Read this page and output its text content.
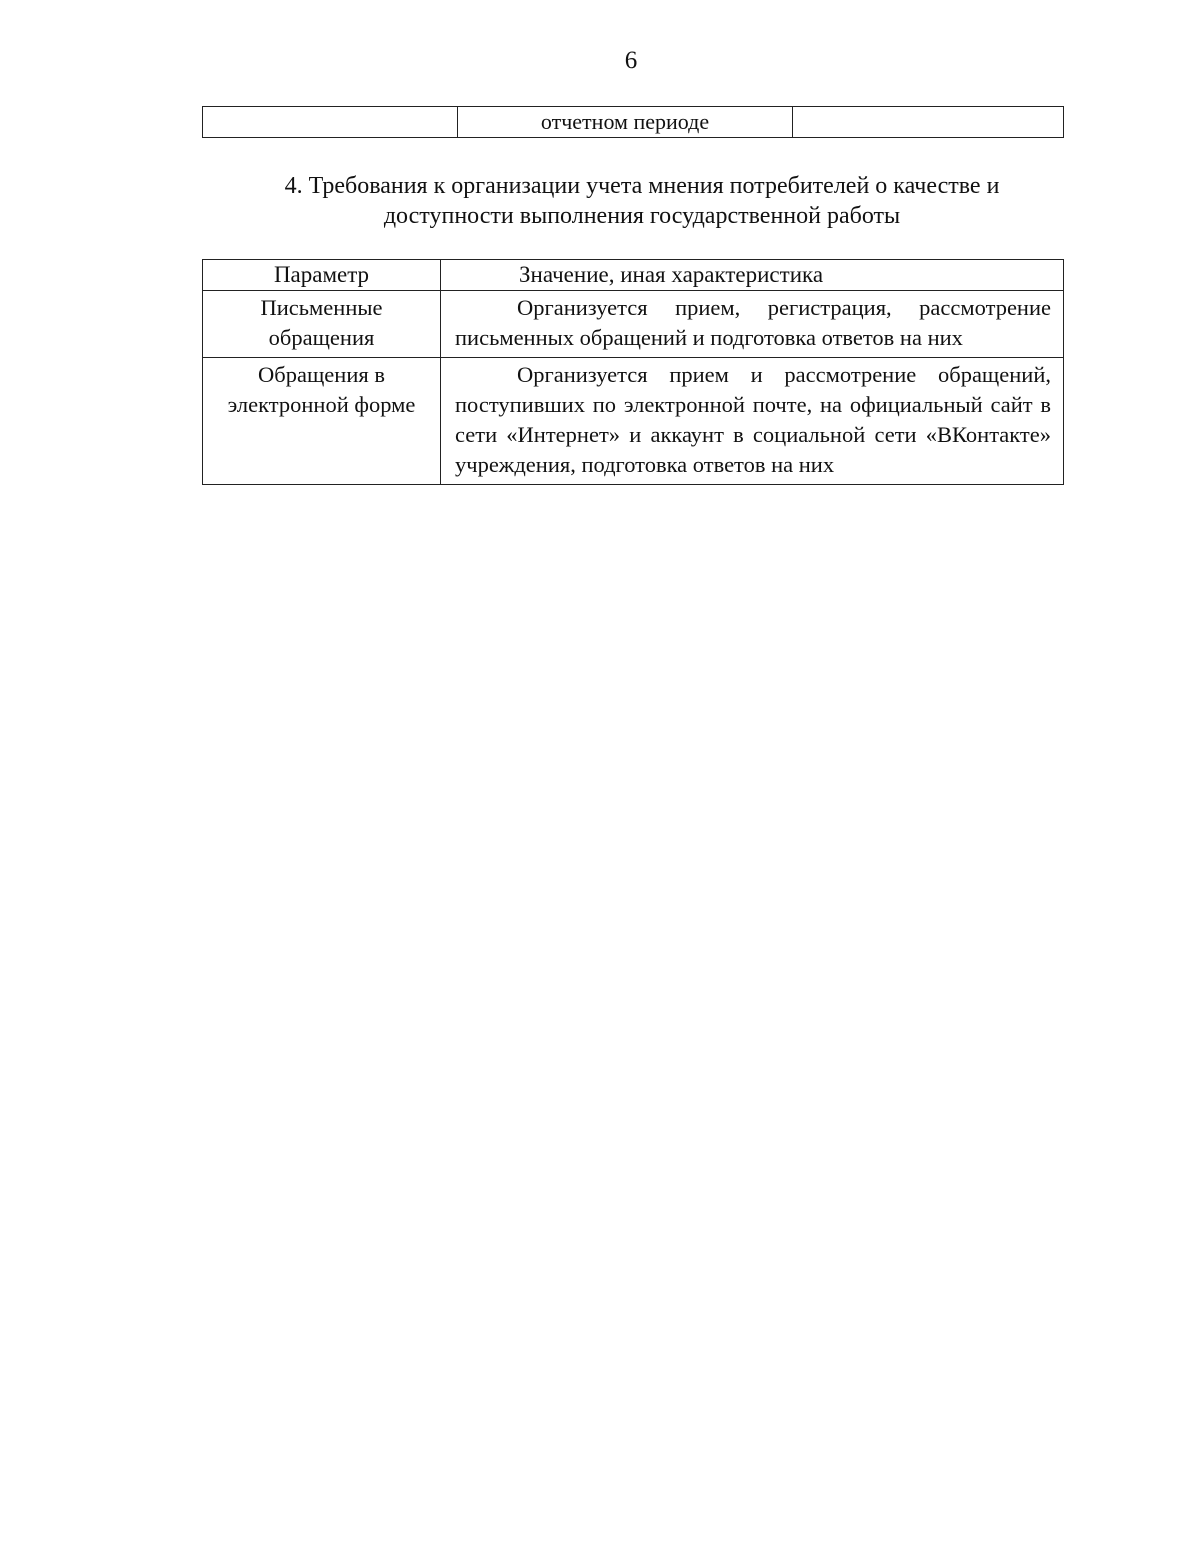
6
	отчетном периоде	
4. Требования к организации учета мнения потребителей о качестве и
доступности выполнения государственной работы
Параметр	Значение, иная характеристика
Письменные обращения	Организуется прием, регистрация, рассмотрение письменных обращений и подготовка ответов на них
Обращения в электронной форме	Организуется прием и рассмотрение обращений, поступивших по электронной почте, на официальный сайт в сети «Интернет» и аккаунт в социальной сети «ВКонтакте» учреждения, подготовка ответов на них
